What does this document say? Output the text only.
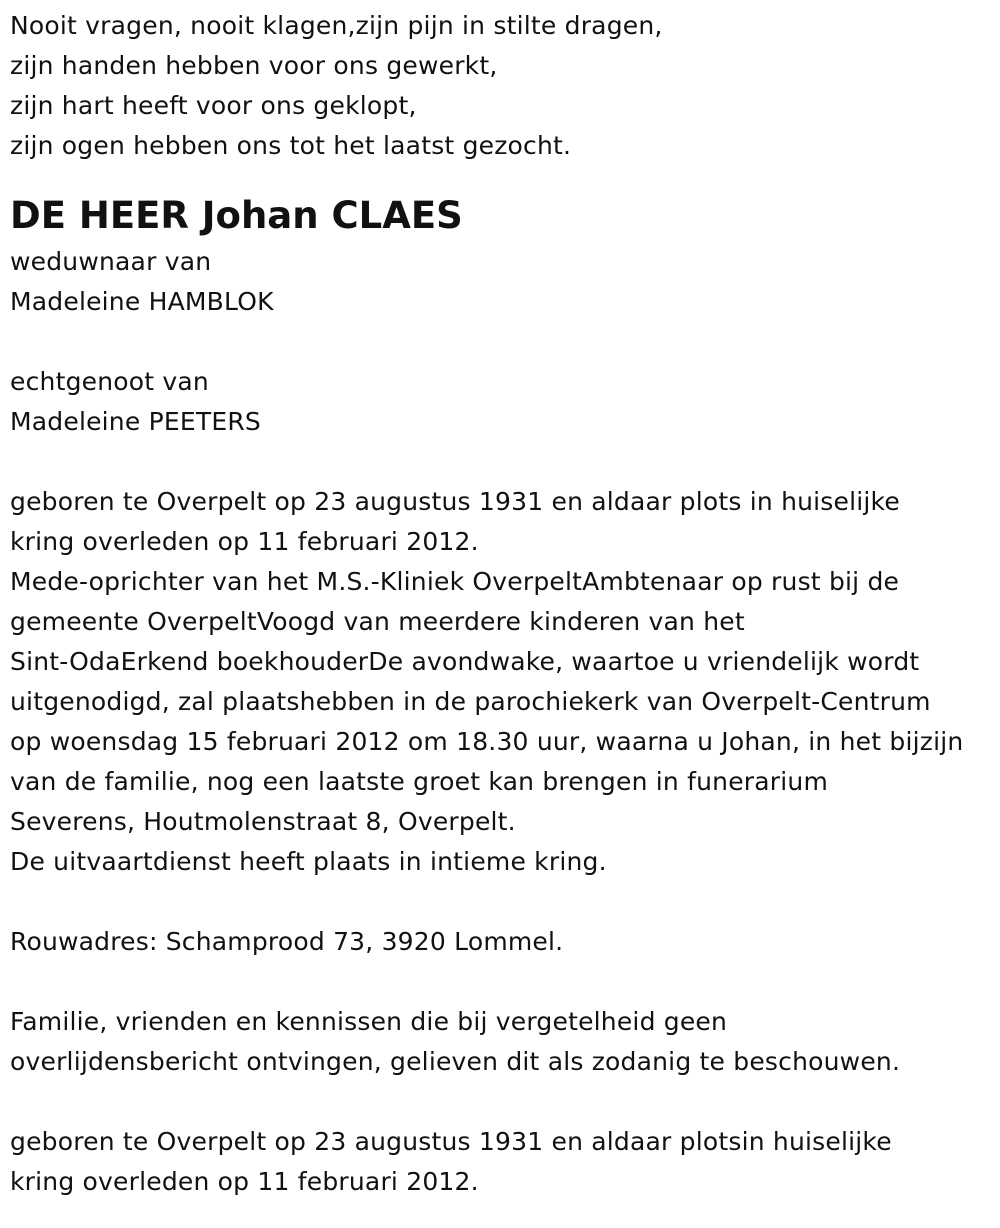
Nooit vragen, nooit klagen,zijn pijn in stilte dragen,
zijn handen hebben voor ons gewerkt,
zijn hart heeft voor ons geklopt,
zijn ogen hebben ons tot het laatst gezocht.
DE HEER Johan CLAES
weduwnaar van
Madeleine HAMBLOK
echtgenoot van
Madeleine PEETERS
geboren te Overpelt op 23 augustus 1931 en aldaar plots in huiselijke
kring overleden op 11 februari 2012.
Mede-oprichter van het M.S.-Kliniek OverpeltAmbtenaar op rust bij de
gemeente OverpeltVoogd van meerdere kinderen van het
Sint-OdaErkend boekhouderDe avondwake, waartoe u vriendelijk wordt
uitgenodigd, zal plaatshebben in de parochiekerk van Overpelt-Centrum
op woensdag 15 februari 2012 om 18.30 uur, waarna u Johan, in het bijzijn
van de familie, nog een laatste groet kan brengen in funerarium
Severens, Houtmolenstraat 8, Overpelt.
De uitvaartdienst heeft plaats in intieme kring.
Rouwadres: Schamprood 73, 3920 Lommel.
Familie, vrienden en kennissen die bij vergetelheid geen
overlijdensbericht ontvingen, gelieven dit als zodanig te beschouwen.
geboren te Overpelt op 23 augustus 1931 en aldaar plotsin huiselijke
kring overleden op 11 februari 2012.
